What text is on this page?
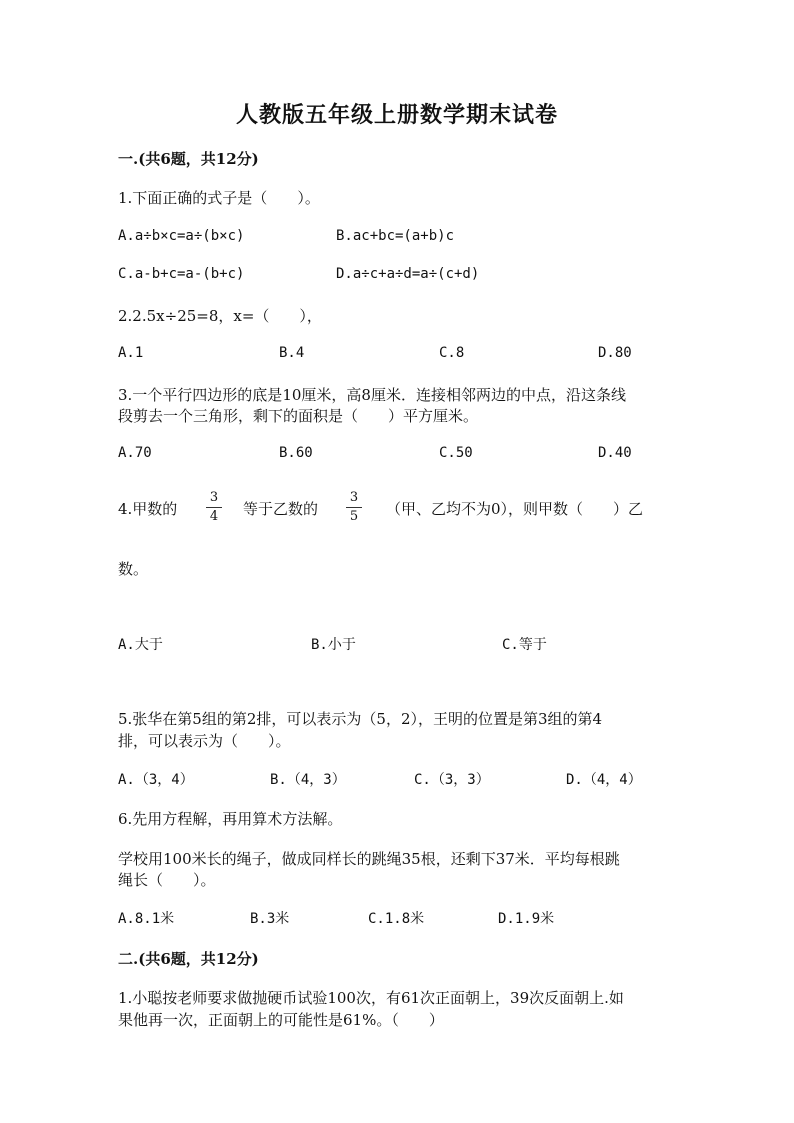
人教版五年级上册数学期末试卷
一.(共6题，共12分)
1.下面正确的式子是（　　）。
A.a÷b×c=a÷(b×c)	B.ac+bc=(a+b)c
C.a-b+c=a-(b+c)	D.a÷c+a÷d=a÷(c+d)
2.2.5x÷25=8，x=（　　），
A.1	B.4	C.8	D.80
3.一个平行四边形的底是10厘米，高8厘米．连接相邻两边的中点，沿这条线
段剪去一个三角形，剩下的面积是（　　）平方厘米。
A.70	B.60	C.50	D.40
4.甲数的
3
4 等于乙数的
3
5 （甲、乙均不为0），则甲数（　　）乙
数。
A.大于	B.小于	C.等于
5.张华在第5组的第2排，可以表示为（5，2），王明的位置是第3组的第4
排，可以表示为（　　）。
A.（3，4）	B.（4，3）	C.（3，3）	D.（4，4）
6.先用方程解，再用算术方法解。
学校用100米长的绳子，做成同样长的跳绳35根，还剩下37米．平均每根跳
绳长（　　）。
A.8.1米	B.3米	C.1.8米	D.1.9米
二.(共6题，共12分)
1.小聪按老师要求做抛硬币试验100次，有61次正面朝上，39次反面朝上.如
果他再一次，正面朝上的可能性是61%。（　　）
